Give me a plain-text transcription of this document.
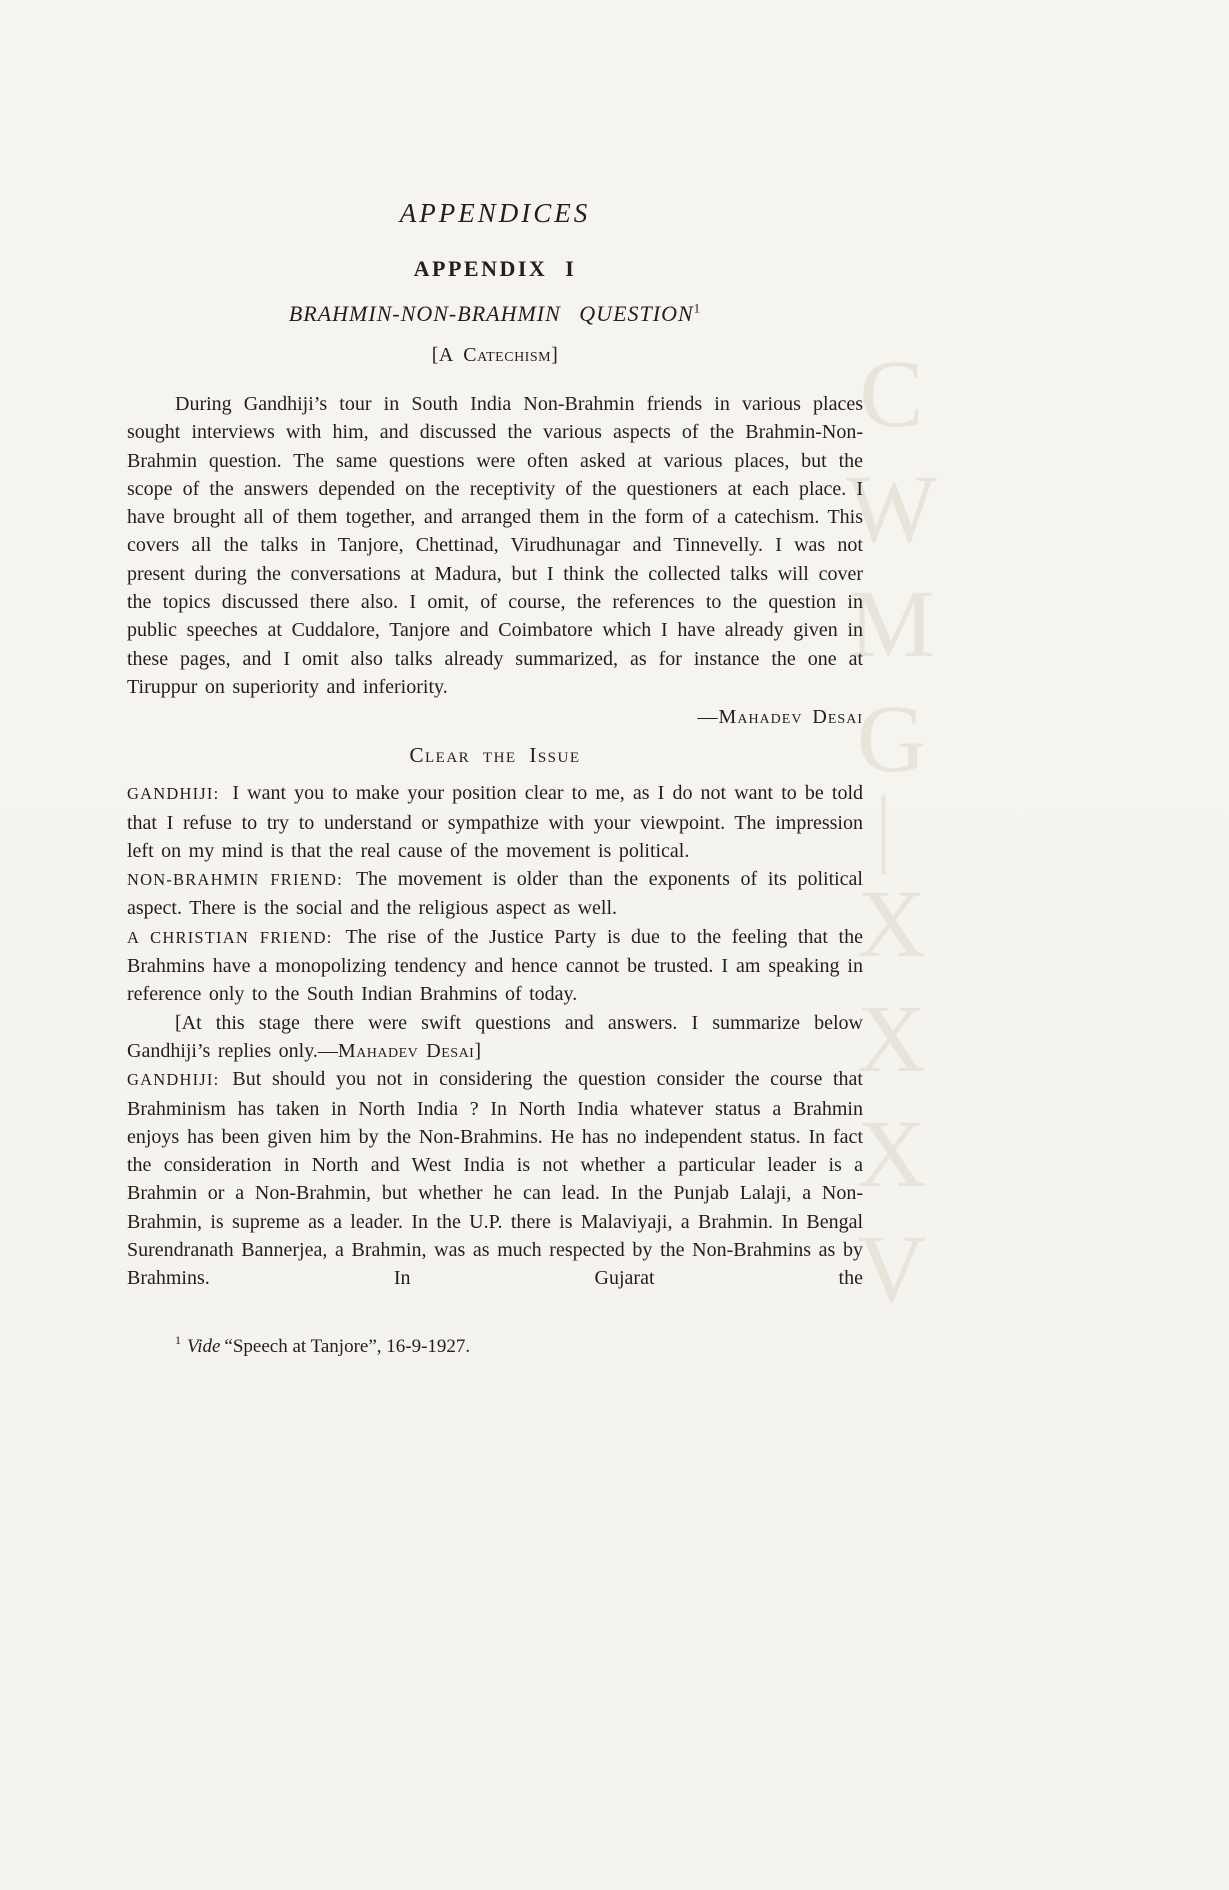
CWMG
—
XXXV
APPENDICES
APPENDIX I
BRAHMIN-NON-BRAHMIN QUESTION$^1$
[A Catechism]

During Gandhiji’s tour in South India Non-Brahmin friends in various places sought interviews with him, and discussed the various aspects of the Brahmin-Non-Brahmin question. The same questions were often asked at various places, but the scope of the answers depended on the receptivity of the questioners at each place. I have brought all of them together, and arranged them in the form of a catechism. This covers all the talks in Tanjore, Chettinad, Virudhunagar and Tinnevelly. I was not present during the conversations at Madura, but I think the collected talks will cover the topics discussed there also. I omit, of course, the references to the question in public speeches at Cuddalore, Tanjore and Coimbatore which I have already given in these pages, and I omit also talks already summarized, as for instance the one at Tiruppur on superiority and inferiority.

—Mahadev Desai
Clear the Issue

GANDHIJI: I want you to make your position clear to me, as I do not want to be told that I refuse to try to understand or sympathize with your viewpoint. The impression left on my mind is that the real cause of the movement is political.

NON-BRAHMIN FRIEND: The movement is older than the exponents of its political aspect. There is the social and the religious aspect as well.

A CHRISTIAN FRIEND: The rise of the Justice Party is due to the feeling that the Brahmins have a monopolizing tendency and hence cannot be trusted. I am speaking in reference only to the South Indian Brahmins of today.

[At this stage there were swift questions and answers. I summarize below Gandhiji’s replies only.—Mahadev Desai]

GANDHIJI: But should you not in considering the question consider the course that Brahminism has taken in North India ? In North India whatever status a Brahmin enjoys has been given him by the Non-Brahmins. He has no independent status. In fact the consideration in North and West India is not whether a particular leader is a Brahmin or a Non-Brahmin, but whether he can lead. In the Punjab Lalaji, a Non-Brahmin, is supreme as a leader. In the U.P. there is Malaviyaji, a Brahmin. In Bengal Surendranath Bannerjea, a Brahmin, was as much respected by the Non-Brahmins as by Brahmins. In Gujarat the

$^1$ Vide “Speech at Tanjore”, 16-9-1927.
